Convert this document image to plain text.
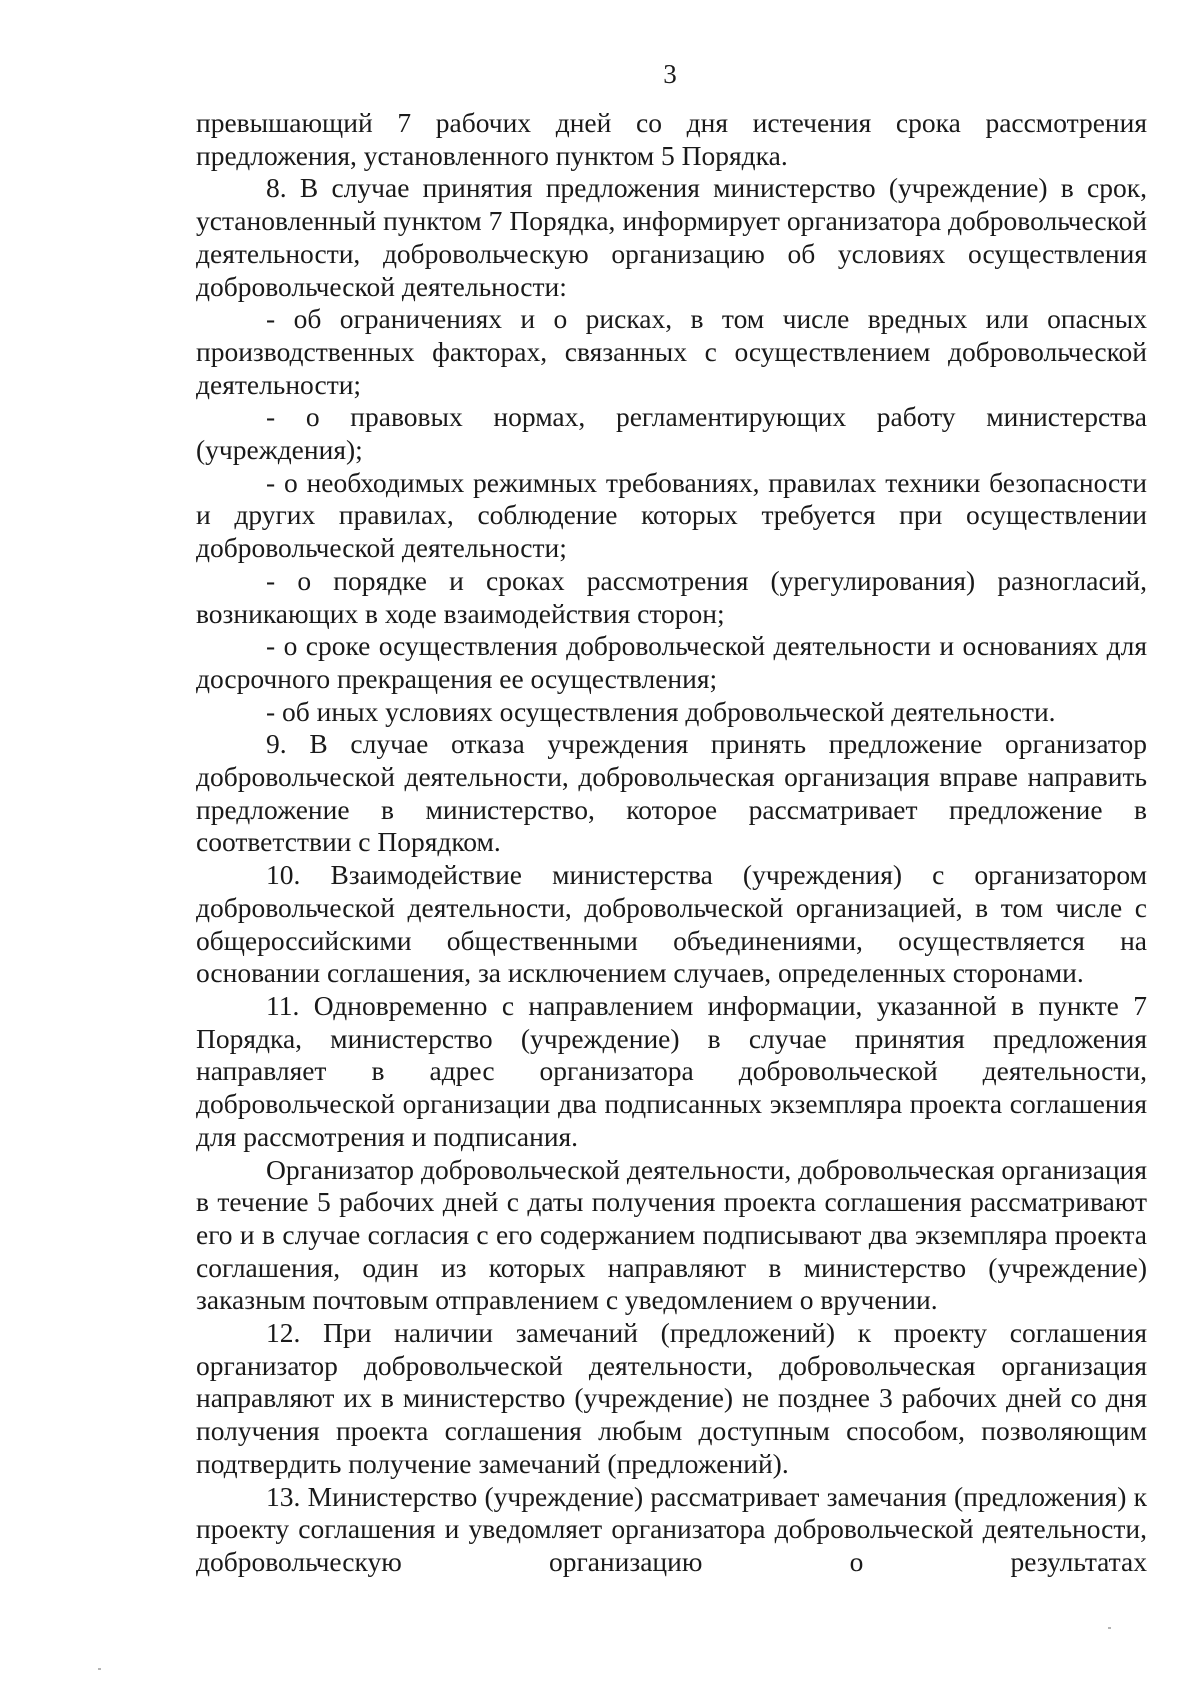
3

превышающий 7 рабочих дней со дня истечения срока рассмотрения предложения, установленного пунктом 5 Порядка.

8. В случае принятия предложения министерство (учреждение) в срок, установленный пунктом 7 Порядка, информирует организатора добровольческой деятельности, добровольческую организацию об условиях осуществления добровольческой деятельности:

- об ограничениях и о рисках, в том числе вредных или опасных производственных факторах, связанных с осуществлением добровольческой деятельности;

- о правовых нормах, регламентирующих работу министерства (учреждения);

- о необходимых режимных требованиях, правилах техники безопасности и других правилах, соблюдение которых требуется при осуществлении добровольческой деятельности;

- о порядке и сроках рассмотрения (урегулирования) разногласий, возникающих в ходе взаимодействия сторон;

- о сроке осуществления добровольческой деятельности и основаниях для досрочного прекращения ее осуществления;

- об иных условиях осуществления добровольческой деятельности.

9. В случае отказа учреждения принять предложение организатор добровольческой деятельности, добровольческая организация вправе направить предложение в министерство, которое рассматривает предложение в соответствии с Порядком.

10. Взаимодействие министерства (учреждения) с организатором добровольческой деятельности, добровольческой организацией, в том числе с общероссийскими общественными объединениями, осуществляется на основании соглашения, за исключением случаев, определенных сторонами.

11. Одновременно с направлением информации, указанной в пункте 7 Порядка, министерство (учреждение) в случае принятия предложения направляет в адрес организатора добровольческой деятельности, добровольческой организации два подписанных экземпляра проекта соглашения для рассмотрения и подписания.

Организатор добровольческой деятельности, добровольческая организация в течение 5 рабочих дней с даты получения проекта соглашения рассматривают его и в случае согласия с его содержанием подписывают два экземпляра проекта соглашения, один из которых направляют в министерство (учреждение) заказным почтовым отправлением с уведомлением о вручении.

12. При наличии замечаний (предложений) к проекту соглашения организатор добровольческой деятельности, добровольческая организация направляют их в министерство (учреждение) не позднее 3 рабочих дней со дня получения проекта соглашения любым доступным способом, позволяющим подтвердить получение замечаний (предложений).

13. Министерство (учреждение) рассматривает замечания (предложения) к проекту соглашения и уведомляет организатора добровольческой деятельности, добровольческую организацию о результатах
